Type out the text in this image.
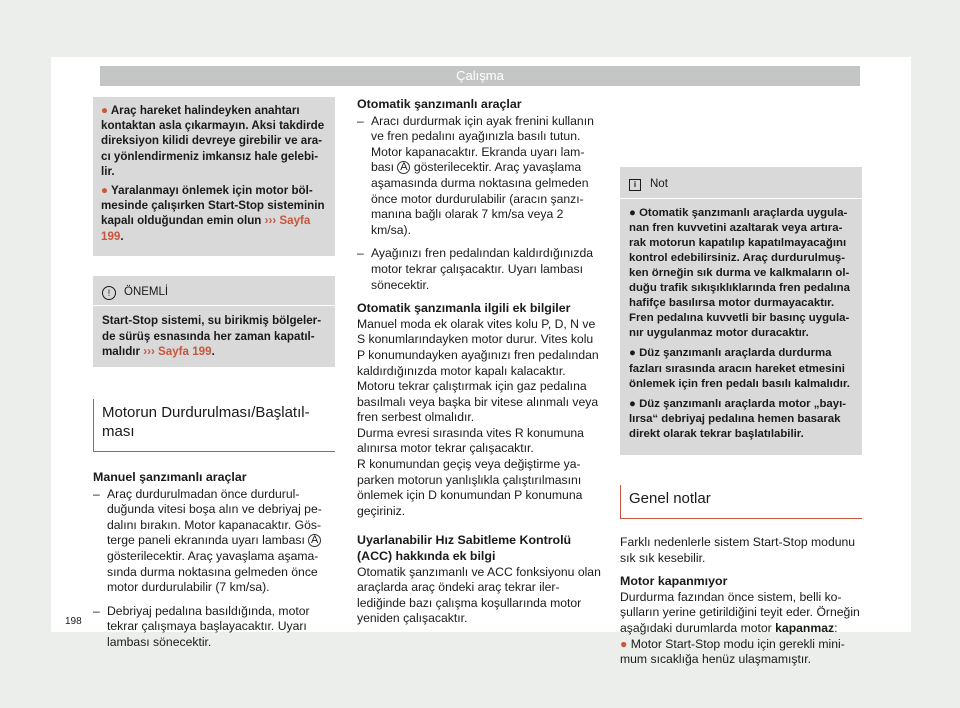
Çalışma

● Araç hareket halindeyken anahtarı kontaktan asla çıkarmayın. Aksi takdirde direksiyon kilidi devreye girebilir ve aracı yönlendirmeniz imkansız hale gelebilir.

● Yaralanmayı önlemek için motor bölmesinde çalışırken Start-Stop sisteminin kapalı olduğundan emin olun ››› Sayfa 199.

!	ÖNEMLİ
Start-Stop sistemi, su birikmiş bölgelerde sürüş esnasında her zaman kapatılmalıdır ››› Sayfa 199.
Motorun Durdurulması/Başlatılması
Manuel şanzımanlı araçlar
– Araç durdurulmadan önce durdurulduğunda vitesi boşa alın ve debriyaj pedalını bırakın. Motor kapanacaktır. Gösterge paneli ekranında uyarı lambası A gösterilecektir. Araç yavaşlama aşamasında durma noktasına gelmeden önce motor durdurulabilir (7 km/sa).
– Debriyaj pedalına basıldığında, motor tekrar çalışmaya başlayacaktır. Uyarı lambası sönecektir.
Otomatik şanzımanlı araçlar
– Aracı durdurmak için ayak frenini kullanın ve fren pedalını ayağınızla basılı tutun. Motor kapanacaktır. Ekranda uyarı lambası A gösterilecektir. Araç yavaşlama aşamasında durma noktasına gelmeden önce motor durdurulabilir (aracın şanzımanına bağlı olarak 7 km/sa veya 2 km/sa).
– Ayağınızı fren pedalından kaldırdığınızda motor tekrar çalışacaktır. Uyarı lambası sönecektir.
Otomatik şanzımanla ilgili ek bilgiler

Manuel moda ek olarak vites kolu P, D, N ve S konumlarındayken motor durur. Vites kolu P konumundayken ayağınızı fren pedalından kaldırdığınızda motor kapalı kalacaktır. Motoru tekrar çalıştırmak için gaz pedalına basılmalı veya başka bir vitese alınmalı veya fren serbest olmalıdır.

Durma evresi sırasında vites R konumuna alınırsa motor tekrar çalışacaktır.

R konumundan geçiş veya değiştirme yaparken motorun yanlışlıkla çalıştırılmasını önlemek için D konumundan P konumuna geçiriniz.

Uyarlanabilir Hız Sabitleme Kontrolü (ACC) hakkında ek bilgi

Otomatik şanzımanlı ve ACC fonksiyonu olan araçlarda araç öndeki araç tekrar ilerlediğinde bazı çalışma koşullarında motor yeniden çalışacaktır.

i	Not

● Otomatik şanzımanlı araçlarda uygulanan fren kuvvetini azaltarak veya artırarak motorun kapatılıp kapatılmayacağını kontrol edebilirsiniz. Araç durdurulmuşken örneğin sık durma ve kalkmaların olduğu trafik sıkışıklıklarında fren pedalına hafifçe basılırsa motor durmayacaktır. Fren pedalına kuvvetli bir basınç uygulanır uygulanmaz motor duracaktır.

● Düz şanzımanlı araçlarda durdurma fazları sırasında aracın hareket etmesini önlemek için fren pedalı basılı kalmalıdır.

● Düz şanzımanlı araçlarda motor „bayılırsa“ debriyaj pedalına hemen basarak direkt olarak tekrar başlatılabilir.

Genel notlar

Farklı nedenlerle sistem Start-Stop modunu sık sık kesebilir.

Motor kapanmıyor

Durdurma fazından önce sistem, belli koşulların yerine getirildiğini teyit eder. Örneğin aşağıdaki durumlarda motor kapanmaz:

● Motor Start-Stop modu için gerekli minimum sıcaklığa henüz ulaşmamıştır.

198
